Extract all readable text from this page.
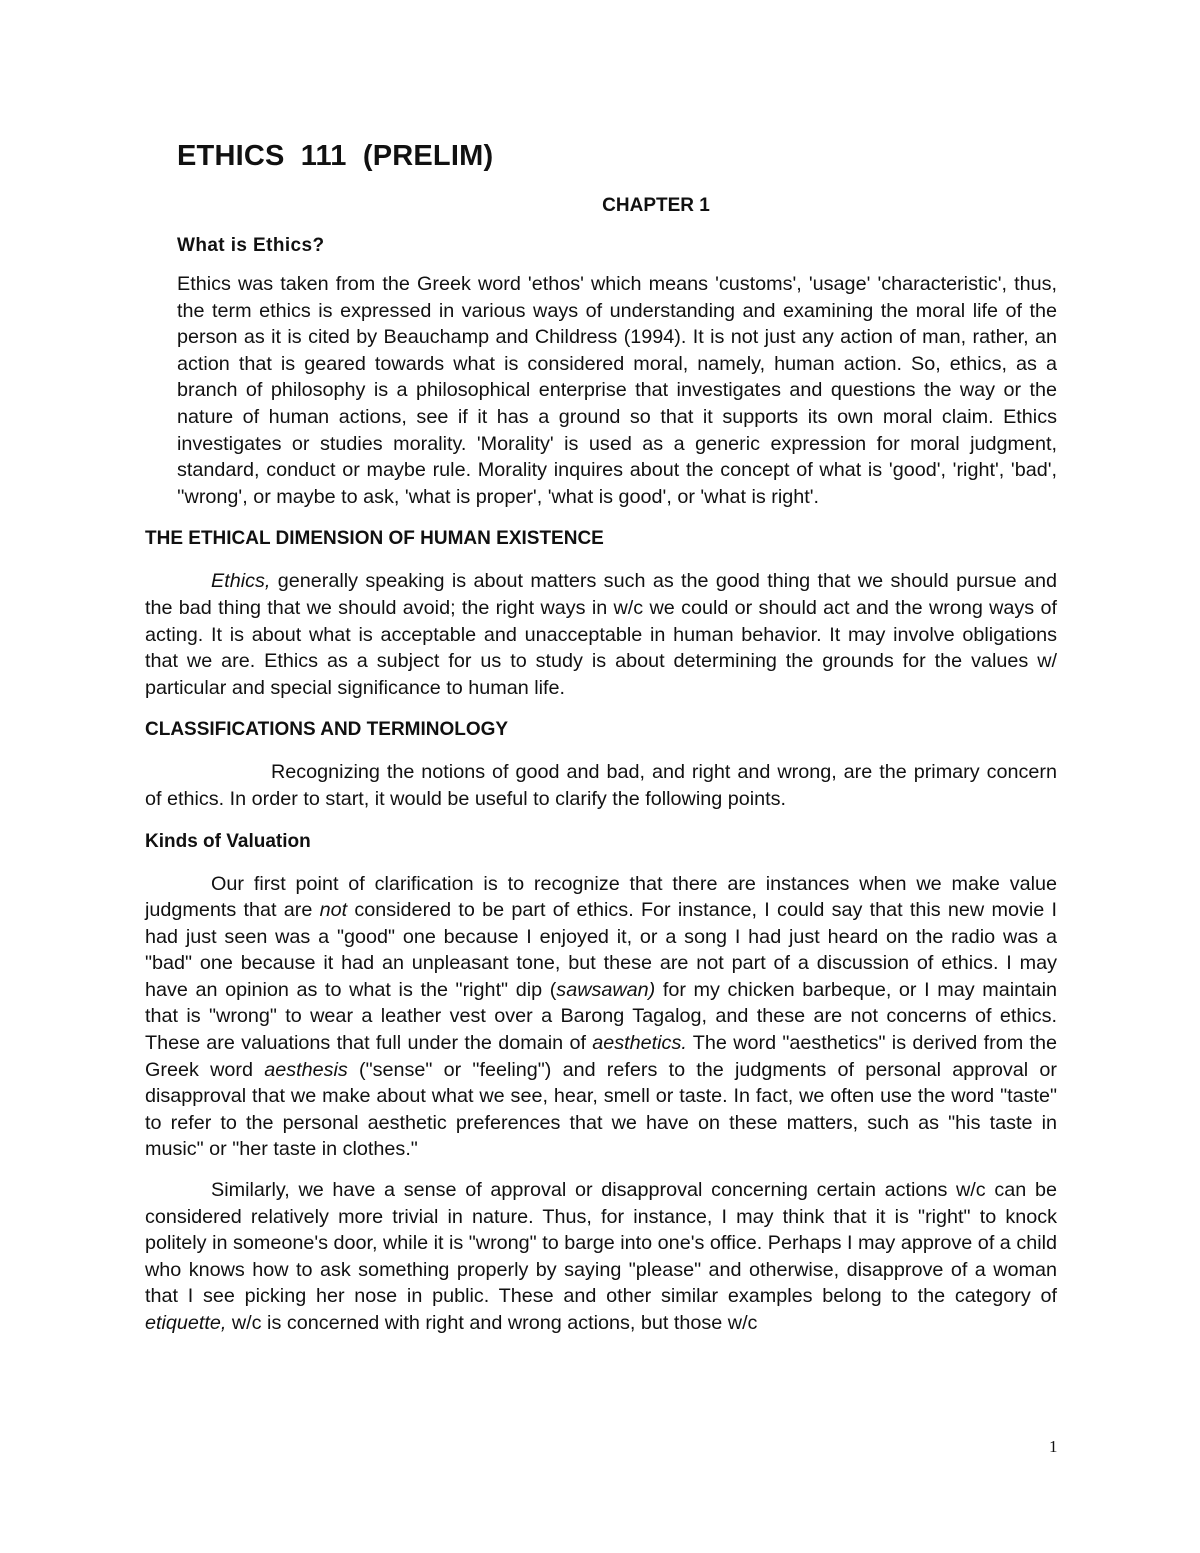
ETHICS 111 (PRELIM)
CHAPTER 1
What is Ethics?

Ethics was taken from the Greek word 'ethos' which means 'customs', 'usage' 'characteristic', thus, the term ethics is expressed in various ways of understanding and examining the moral life of the person as it is cited by Beauchamp and Childress (1994). It is not just any action of man, rather, an action that is geared towards what is considered moral, namely, human action. So, ethics, as a branch of philosophy is a philosophical enterprise that investigates and questions the way or the nature of human actions, see if it has a ground so that it supports its own moral claim. Ethics investigates or studies morality. 'Morality' is used as a generic expression for moral judgment, standard, conduct or maybe rule. Morality inquires about the concept of what is 'good', 'right', 'bad', ''wrong', or maybe to ask, 'what is proper', 'what is good', or 'what is right'.

THE ETHICAL DIMENSION OF HUMAN EXISTENCE

Ethics, generally speaking is about matters such as the good thing that we should pursue and the bad thing that we should avoid; the right ways in w/c we could or should act and the wrong ways of acting. It is about what is acceptable and unacceptable in human behavior. It may involve obligations that we are. Ethics as a subject for us to study is about determining the grounds for the values w/ particular and special significance to human life.

CLASSIFICATIONS AND TERMINOLOGY

Recognizing the notions of good and bad, and right and wrong, are the primary concern of ethics. In order to start, it would be useful to clarify the following points.

Kinds of Valuation

Our first point of clarification is to recognize that there are instances when we make value judgments that are not considered to be part of ethics. For instance, I could say that this new movie I had just seen was a "good" one because I enjoyed it, or a song I had just heard on the radio was a "bad" one because it had an unpleasant tone, but these are not part of a discussion of ethics. I may have an opinion as to what is the "right" dip (sawsawan) for my chicken barbeque, or I may maintain that is "wrong" to wear a leather vest over a Barong Tagalog, and these are not concerns of ethics. These are valuations that full under the domain of aesthetics. The word "aesthetics" is derived from the Greek word aesthesis ("sense" or "feeling") and refers to the judgments of personal approval or disapproval that we make about what we see, hear, smell or taste. In fact, we often use the word "taste" to refer to the personal aesthetic preferences that we have on these matters, such as "his taste in music" or "her taste in clothes."

Similarly, we have a sense of approval or disapproval concerning certain actions w/c can be considered relatively more trivial in nature. Thus, for instance, I may think that it is "right" to knock politely in someone's door, while it is "wrong" to barge into one's office. Perhaps I may approve of a child who knows how to ask something properly by saying "please" and otherwise, disapprove of a woman that I see picking her nose in public. These and other similar examples belong to the category of etiquette, w/c is concerned with right and wrong actions, but those w/c

1
